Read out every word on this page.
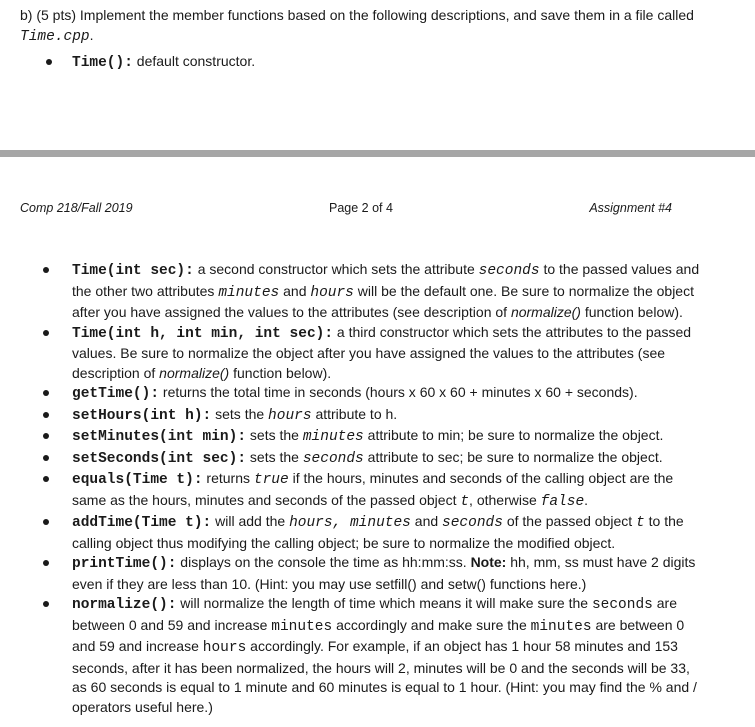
b) (5 pts) Implement the member functions based on the following descriptions, and save them in a file called Time.cpp.
Time(): default constructor.
Comp 218/Fall 2019	Page 2 of 4	Assignment #4
Time(int sec): a second constructor which sets the attribute seconds to the passed values and the other two attributes minutes and hours will be the default one. Be sure to normalize the object after you have assigned the values to the attributes (see description of normalize() function below).
Time(int h, int min, int sec): a third constructor which sets the attributes to the passed values. Be sure to normalize the object after you have assigned the values to the attributes (see description of normalize() function below).
getTime(): returns the total time in seconds (hours x 60 x 60 + minutes x 60 + seconds).
setHours(int h): sets the hours attribute to h.
setMinutes(int min): sets the minutes attribute to min; be sure to normalize the object.
setSeconds(int sec): sets the seconds attribute to sec; be sure to normalize the object.
equals(Time t): returns true if the hours, minutes and seconds of the calling object are the same as the hours, minutes and seconds of the passed object t, otherwise false.
addTime(Time t): will add the hours, minutes and seconds of the passed object t to the calling object thus modifying the calling object; be sure to normalize the modified object.
printTime(): displays on the console the time as hh:mm:ss. Note: hh, mm, ss must have 2 digits even if they are less than 10. (Hint: you may use setfill() and setw() functions here.)
normalize(): will normalize the length of time which means it will make sure the seconds are between 0 and 59 and increase minutes accordingly and make sure the minutes are between 0 and 59 and increase hours accordingly. For example, if an object has 1 hour 58 minutes and 153 seconds, after it has been normalized, the hours will 2, minutes will be 0 and the seconds will be 33, as 60 seconds is equal to 1 minute and 60 minutes is equal to 1 hour. (Hint: you may find the % and / operators useful here.)
